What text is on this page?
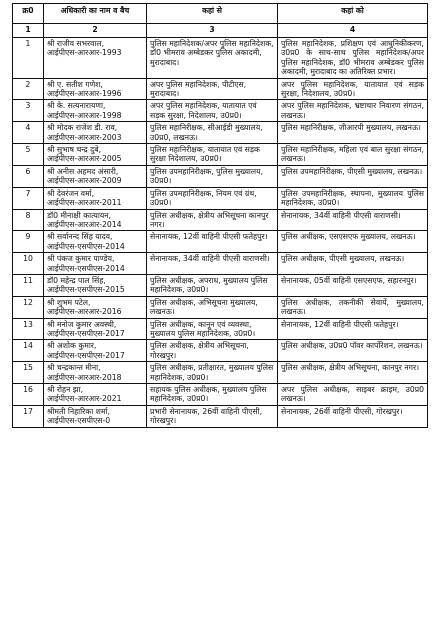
क्र0	अधिकारी का नाम व बैच	कहां से	कहां को
1	2	3	4
1	श्री राजीव सभरवाल,
आईपीएस-आरआर-1993	पुलिस महानिदेशक/अपर पुलिस महानिदेशक, डॉ0 भीमराव अम्बेडकर पुलिस अकादमी, मुरादाबाद।	पुलिस महानिदेशक, प्रशिक्षण एवं आधुनिकीकरण, उ0प्र0 के साथ-साथ पुलिस महानिदेशक/अपर पुलिस महानिदेशक, डॉ0 भीमराव अम्बेडकर पुलिस अकादमी, मुरादाबाद का अतिरिक्त प्रभार।
2	श्री ए. सतीश गणेश,
आईपीएस-आरआर-1996	अपर पुलिस महानिदेशक, पीटीएस, मुरादाबाद।	अपर पुलिस महानिदेशक, यातायात एवं सड़क सुरक्षा, निदेशालय, उ0प्र0।
3	श्री के. सत्यनारायणा,
आईपीएस-आरआर-1998	अपर पुलिस महानिदेशक, यातायात एवं सड़क सुरक्षा, निदेशालय, उ0प्र0।	अपर पुलिस महानिदेशक, भ्रष्टाचार निवारण संगठन, लखनऊ।
4	श्री मोदक राजेश डी. राव,
आईपीएस-आरआर-2003	पुलिस महानिरीक्षक, सीआईडी मुख्यालय, उ0प्र0, लखनऊ।	पुलिस महानिरीक्षक, जीआरपी मुख्यालय, लखनऊ।
5	श्री सुभाष चन्द्र दुबे,
आईपीएस-आरआर-2005	पुलिस महानिरीक्षक, यातायात एवं सड़क सुरक्षा निदेशालय, उ0प्र0।	पुलिस महानिरीक्षक, महिला एवं बाल सुरक्षा संगठन, लखनऊ।
6	श्री अनीस अहमद अंसारी,
आईपीएस-आरआर-2009	पुलिस उपमहानिरीक्षक, पुलिस मुख्यालय, उ0प्र0।	पुलिस उपमहानिरीक्षक, पीएसी मुख्यालय, लखनऊ।
7	श्री देवरंजन वर्मा,
आईपीएस-आरआर-2011	पुलिस उपमहानिरीक्षक, नियम एवं ग्रंथ, उ0प्र0।	पुलिस उपमहानिरीक्षक, स्थापना, मुख्यालय पुलिस महानिदेशक, उ0प्र0।
8	डॉ0 मीनाक्षी कात्यायन,
आईपीएस-आरआर-2014	पुलिस अधीक्षक, क्षेत्रीय अभिसूचना कानपुर नगर।	सेनानायक, 34वीं वाहिनी पीएसी वाराणसी।
9	श्री सर्वानन्द सिंह यादव,
आईपीएस-एसपीएस-2014	सेनानायक, 12वीं वाहिनी पीएसी फतेहपुर।	पुलिस अधीक्षक, एसएसएफ मुख्यालय, लखनऊ।
10	श्री पंकज कुमार पाण्डेय,
आईपीएस-एसपीएस-2014	सेनानायक, 34वीं वाहिनी पीएसी वाराणसी।	पुलिस अधीक्षक, पीएसी मुख्यालय, लखनऊ।
11	डॉ0 महेन्द्र पाल सिंह,
आईपीएस-एसपीएस-2015	पुलिस अधीक्षक, अपराध, मुख्यालय पुलिस महानिदेशक, उ0प्र0।	सेनानायक, 05वीं वाहिनी एसएसएफ, सहारनपुर।
12	श्री शुभम पटेल,
आईपीएस-आरआर-2016	पुलिस अधीक्षक, अभिसूचना मुख्यालय, लखनऊ।	पुलिस अधीक्षक, तकनीकी सेवायें, मुख्यालय, लखनऊ।
13	श्री मनोज कुमार अवस्थी,
आईपीएस-एसपीएस-2017	पुलिस अधीक्षक, कानून एवं व्यवस्था, मुख्यालय पुलिस महानिदेशक, उ0प्र0।	सेनानायक, 12वीं वाहिनी पीएसी फतेहपुर।
14	श्री अशोक कुमार,
आईपीएस-एसपीएस-2017	पुलिस अधीक्षक, क्षेत्रीय अभिसूचना, गोरखपुर।	पुलिस अधीक्षक, उ0प्र0 पॉवर कार्पोरेशन, लखनऊ।
15	श्री चन्द्रकान्त मीना,
आईपीएस-आरआर-2018	पुलिस अधीक्षक, प्रतीक्षारत, मुख्यालय पुलिस महानिदेशक, उ0प्र0।	पुलिस अधीक्षक, क्षेत्रीय अभिसूचना, कानपुर नगर।
16	श्री रोहन झा,
आईपीएस-आरआर-2021	सहायक पुलिस अधीक्षक, मुख्यालय पुलिस महानिदेशक, उ0प्र0।	अपर पुलिस अधीक्षक, साइबर क्राइम, उ0प्र0 लखनऊ।
17	श्रीमती निहारिका शर्मा,
आईपीएस-एसपीएस-0	प्रभारी सेनानायक, 26वीं वाहिनी पीएसी, गोरखपुर।	सेनानायक, 26वीं वाहिनी पीएसी, गोरखपुर।
